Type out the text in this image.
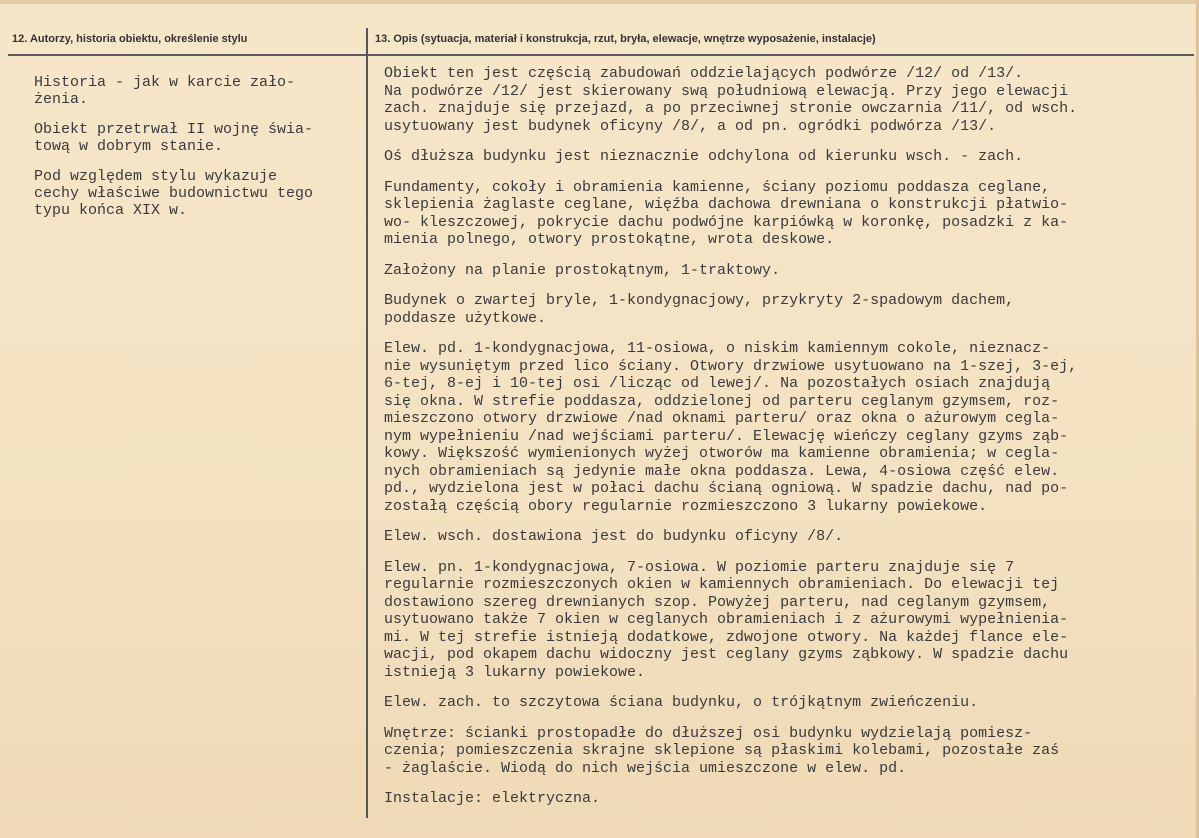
12. Autorzy, historia obiektu, określenie stylu	13. Opis (sytuacja, materiał i konstrukcja, rzut, bryła, elewacje, wnętrze wyposażenie, instalacje)

Historia - jak w karcie zało-
żenia.

Obiekt przetrwał II wojnę świa-
tową w dobrym stanie.

Pod względem stylu wykazuje
cechy właściwe budownictwu tego
typu końca XIX w.

Obiekt ten jest częścią zabudowań oddzielających podwórze /12/ od /13/.
Na podwórze /12/ jest skierowany swą południową elewacją. Przy jego elewacji
zach. znajduje się przejazd, a po przeciwnej stronie owczarnia /11/, od wsch.
usytuowany jest budynek oficyny /8/, a od pn. ogródki podwórza /13/.

Oś dłuższa budynku jest nieznacznie odchylona od kierunku wsch. - zach.

Fundamenty, cokoły i obramienia kamienne, ściany poziomu poddasza ceglane,
sklepienia żaglaste ceglane, więźba dachowa drewniana o konstrukcji płatwio-
wo- kleszczowej, pokrycie dachu podwójne karpiówką w koronkę, posadzki z ka-
mienia polnego, otwory prostokątne, wrota deskowe.

Założony na planie prostokątnym, 1-traktowy.

Budynek o zwartej bryle, 1-kondygnacjowy, przykryty 2-spadowym dachem,
poddasze użytkowe.

Elew. pd. 1-kondygnacjowa, 11-osiowa, o niskim kamiennym cokole, nieznacz-
nie wysuniętym przed lico ściany. Otwory drzwiowe usytuowano na 1-szej, 3-ej,
6-tej, 8-ej i 10-tej osi /licząc od lewej/. Na pozostałych osiach znajdują
się okna. W strefie poddasza, oddzielonej od parteru ceglanym gzymsem, roz-
mieszczono otwory drzwiowe /nad oknami parteru/ oraz okna o ażurowym cegla-
nym wypełnieniu /nad wejściami parteru/. Elewację wieńczy ceglany gzyms ząb-
kowy. Większość wymienionych wyżej otworów ma kamienne obramienia; w cegla-
nych obramieniach są jedynie małe okna poddasza. Lewa, 4-osiowa część elew.
pd., wydzielona jest w połaci dachu ścianą ogniową. W spadzie dachu, nad po-
zostałą częścią obory regularnie rozmieszczono 3 lukarny powiekowe.

Elew. wsch. dostawiona jest do budynku oficyny /8/.

Elew. pn. 1-kondygnacjowa, 7-osiowa. W poziomie parteru znajduje się 7
regularnie rozmieszczonych okien w kamiennych obramieniach. Do elewacji tej
dostawiono szereg drewnianych szop. Powyżej parteru, nad ceglanym gzymsem,
usytuowano także 7 okien w ceglanych obramieniach i z ażurowymi wypełnienia-
mi. W tej strefie istnieją dodatkowe, zdwojone otwory. Na każdej flance ele-
wacji, pod okapem dachu widoczny jest ceglany gzyms ząbkowy. W spadzie dachu
istnieją 3 lukarny powiekowe.

Elew. zach. to szczytowa ściana budynku, o trójkątnym zwieńczeniu.

Wnętrze: ścianki prostopadłe do dłuższej osi budynku wydzielają pomiesz-
czenia; pomieszczenia skrajne sklepione są płaskimi kolebami, pozostałe zaś
- żaglaście. Wiodą do nich wejścia umieszczone w elew. pd.

Instalacje: elektryczna.
